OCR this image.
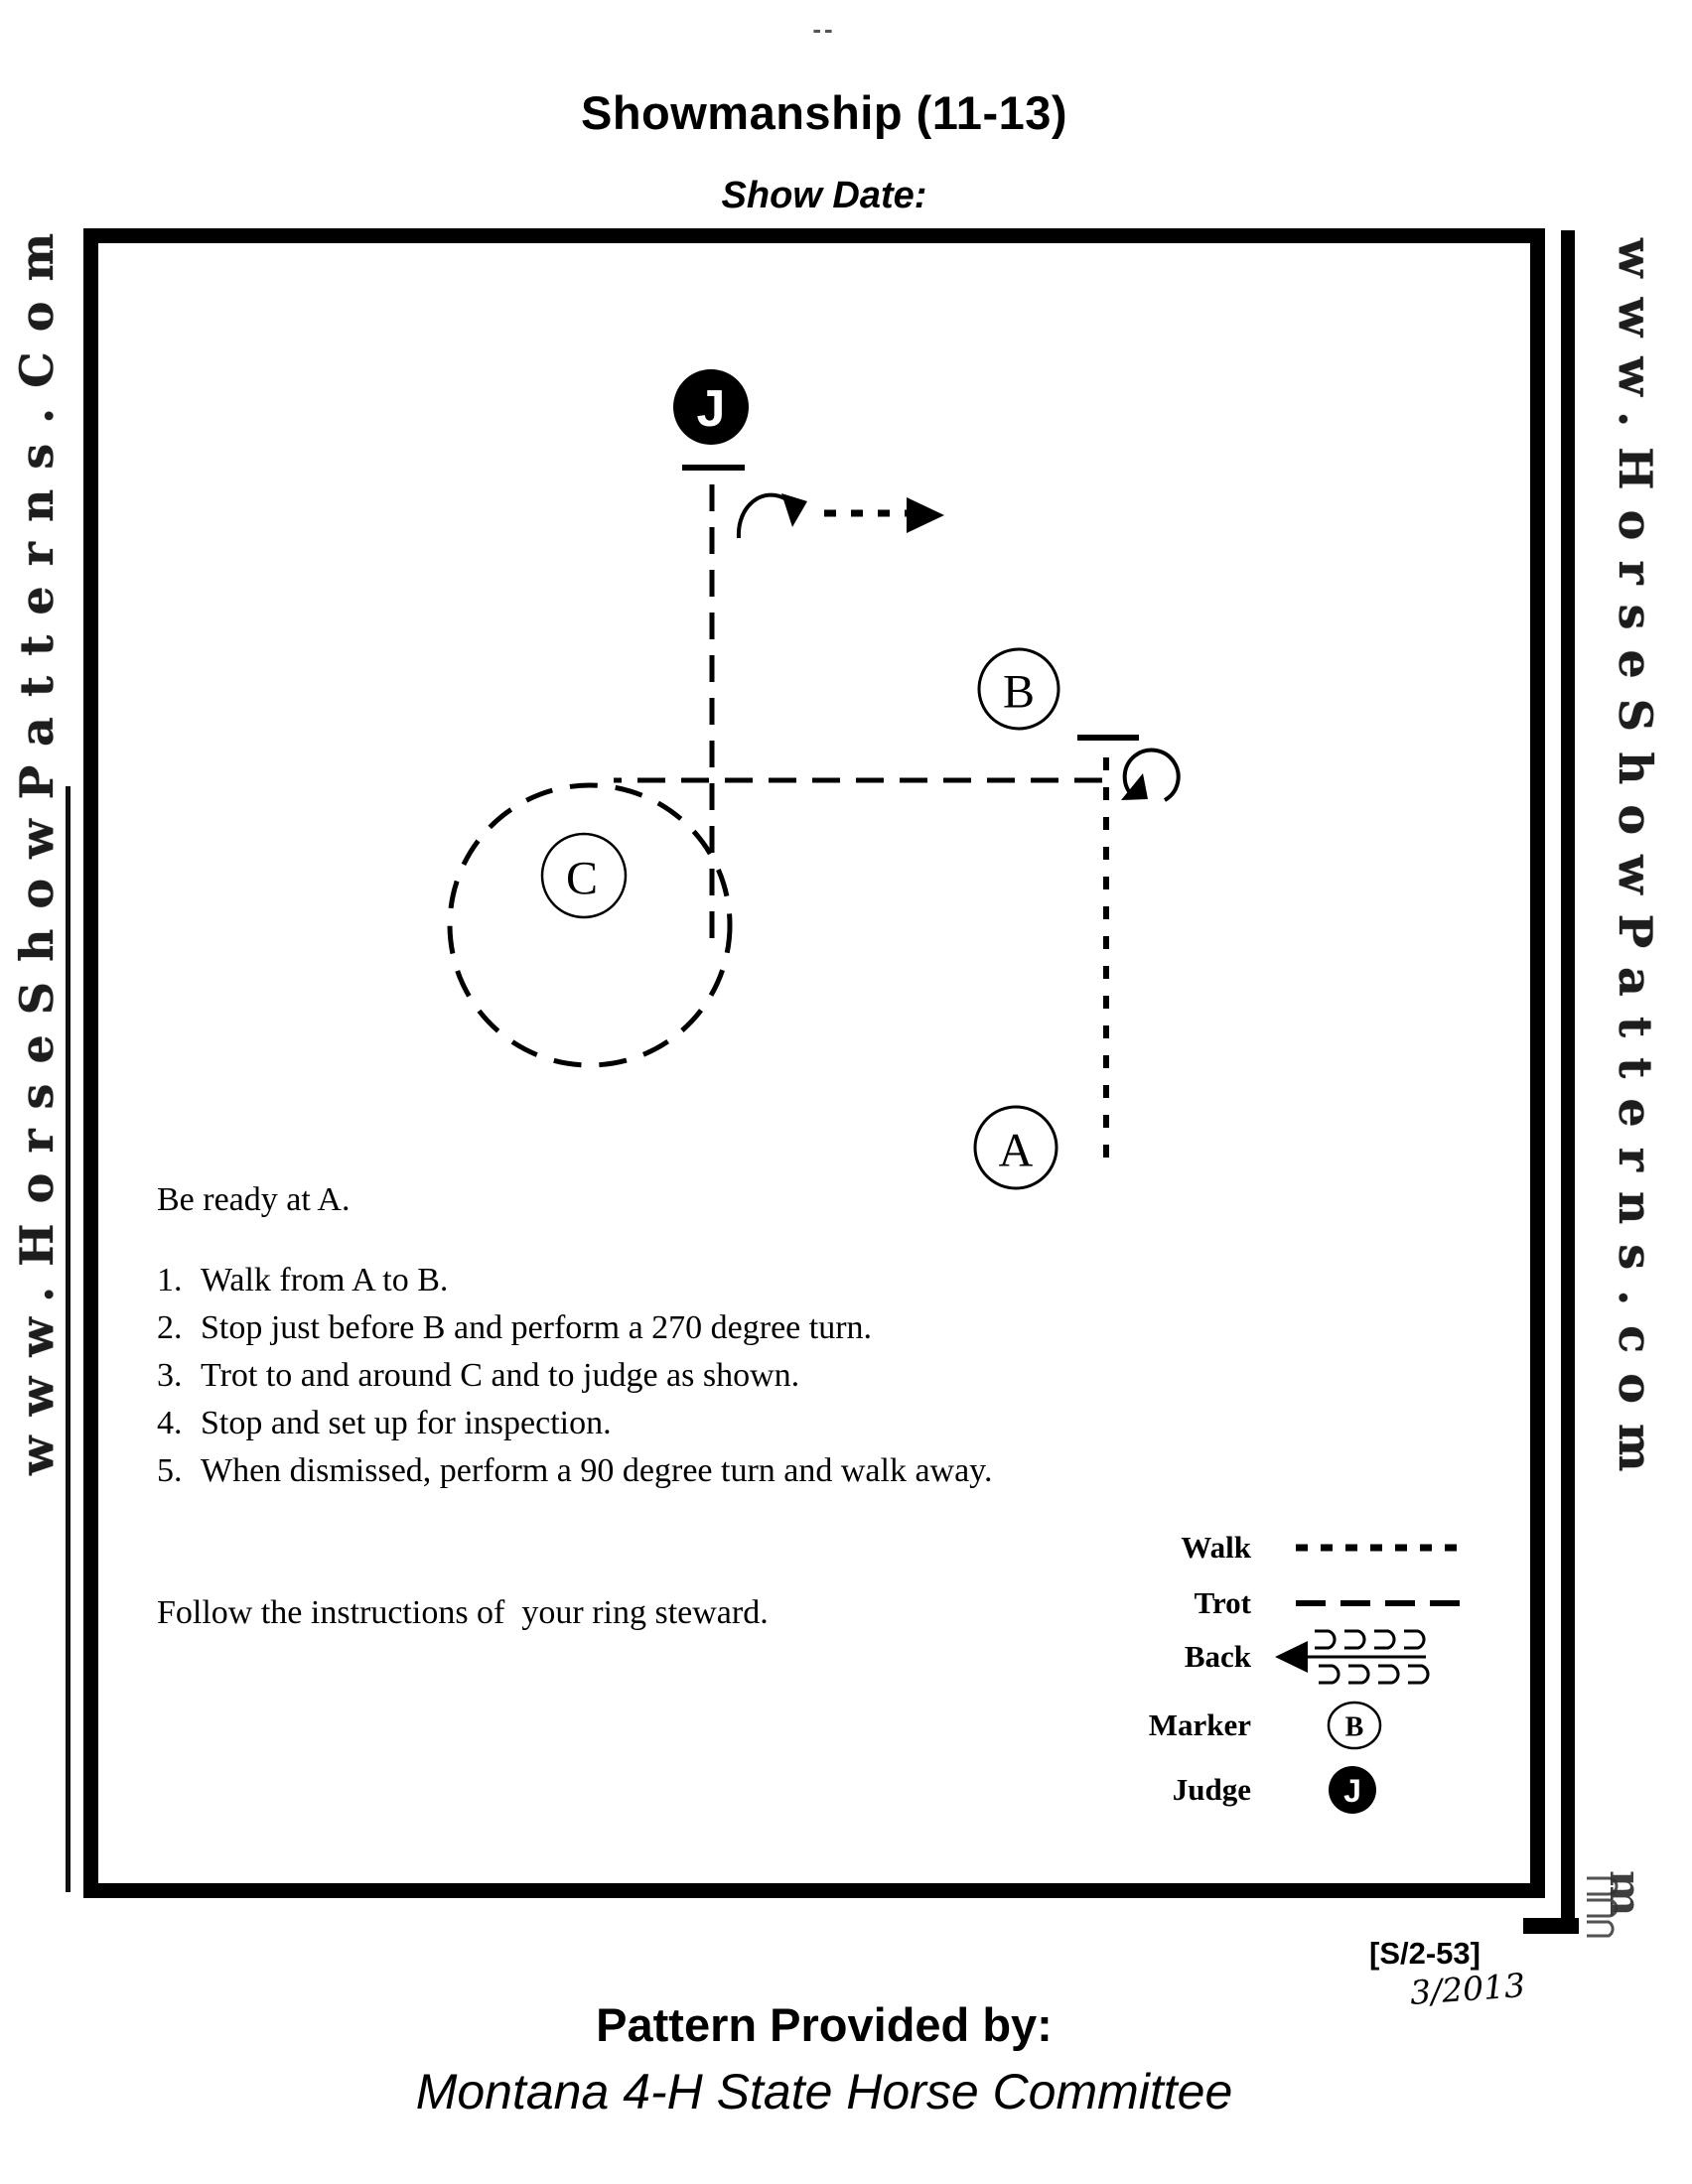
--
Showmanship (11-13)
Show Date:
www.HorseShowPatterns.Com	www.HorseShowPatterns.com
m
J
B
C
A
Be ready at A.
1. Walk from A to B.
2. Stop just before B and perform a 270 degree turn.
3. Trot to and around C and to judge as shown.
4. Stop and set up for inspection.
5. When dismissed, perform a 90 degree turn and walk away.
Follow the instructions of  your ring steward.
Walk
Trot
Back
Marker	B
Judge	J
[S/2-53]
3/2013
Pattern Provided by:
Montana 4-H State Horse Committee
